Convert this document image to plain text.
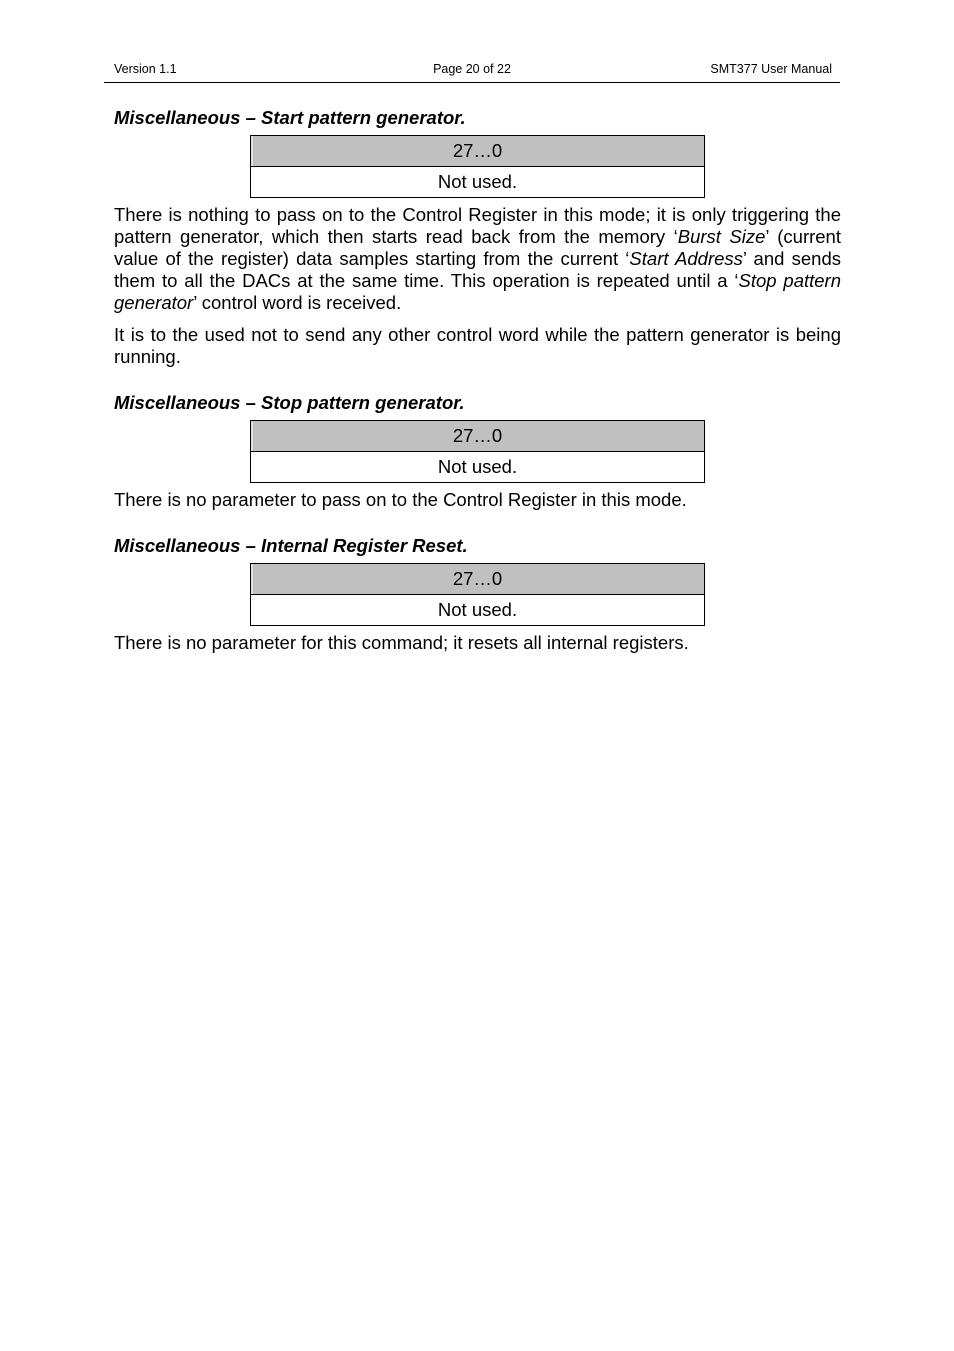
Version 1.1	Page 20 of 22	SMT377 User Manual
Miscellaneous – Start pattern generator.
27…0
Not used.

There is nothing to pass on to the Control Register in this mode; it is only triggering the pattern generator, which then starts read back from the memory ‘Burst Size’ (current value of the register) data samples starting from the current ‘Start Address’ and sends them to all the DACs at the same time. This operation is repeated until a ‘Stop pattern generator’ control word is received.

It is to the used not to send any other control word while the pattern generator is being running.

Miscellaneous – Stop pattern generator.
27…0
Not used.

There is no parameter to pass on to the Control Register in this mode.

Miscellaneous – Internal Register Reset.
27…0
Not used.

There is no parameter for this command; it resets all internal registers.
